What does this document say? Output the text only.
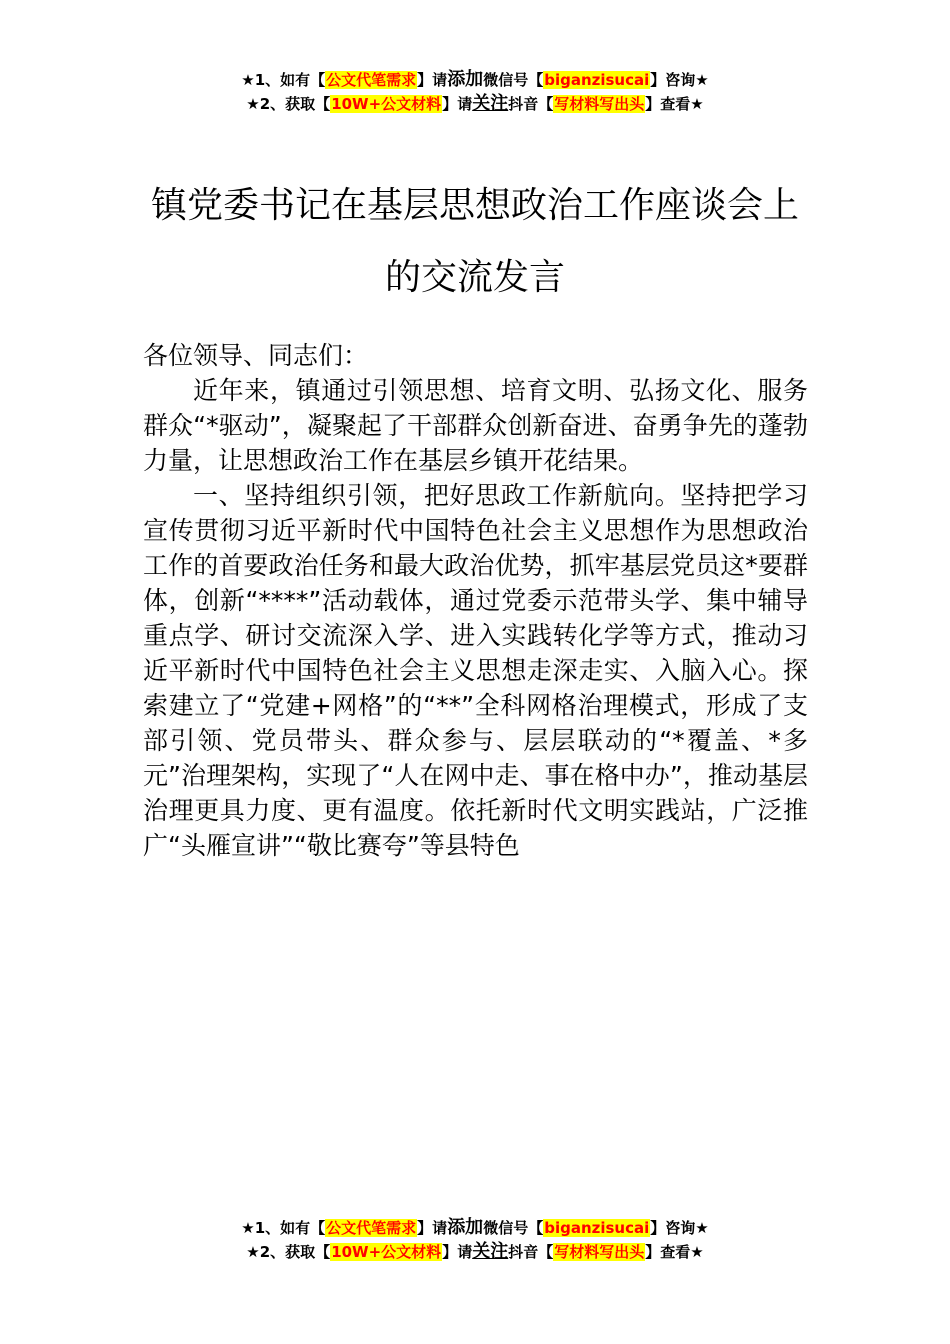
★1、如有【公文代笔需求】请添加微信号【biganzisucai】咨询★
★2、获取【10W+公文材料】请关注抖音【写材料写出头】查看★
镇党委书记在基层思想政治工作座谈会上
的交流发言

各位领导、同志们：

近年来，镇通过引领思想、培育文明、弘扬文化、服务群众“*驱动”，凝聚起了干部群众创新奋进、奋勇争先的蓬勃力量，让思想政治工作在基层乡镇开花结果。

一、坚持组织引领，把好思政工作新航向。坚持把学习宣传贯彻习近平新时代中国特色社会主义思想作为思想政治工作的首要政治任务和最大政治优势，抓牢基层党员这*要群体，创新“****”活动载体，通过党委示范带头学、集中辅导重点学、研讨交流深入学、进入实践转化学等方式，推动习近平新时代中国特色社会主义思想走深走实、入脑入心。探索建立了“党建+网格”的“**”全科网格治理模式，形成了支部引领、党员带头、群众参与、层层联动的“*覆盖、*多元”治理架构，实现了“人在网中走、事在格中办”，推动基层治理更具力度、更有温度。依托新时代文明实践站，广泛推广“头雁宣讲”“敬比赛夸”等县特色

★1、如有【公文代笔需求】请添加微信号【biganzisucai】咨询★
★2、获取【10W+公文材料】请关注抖音【写材料写出头】查看★
